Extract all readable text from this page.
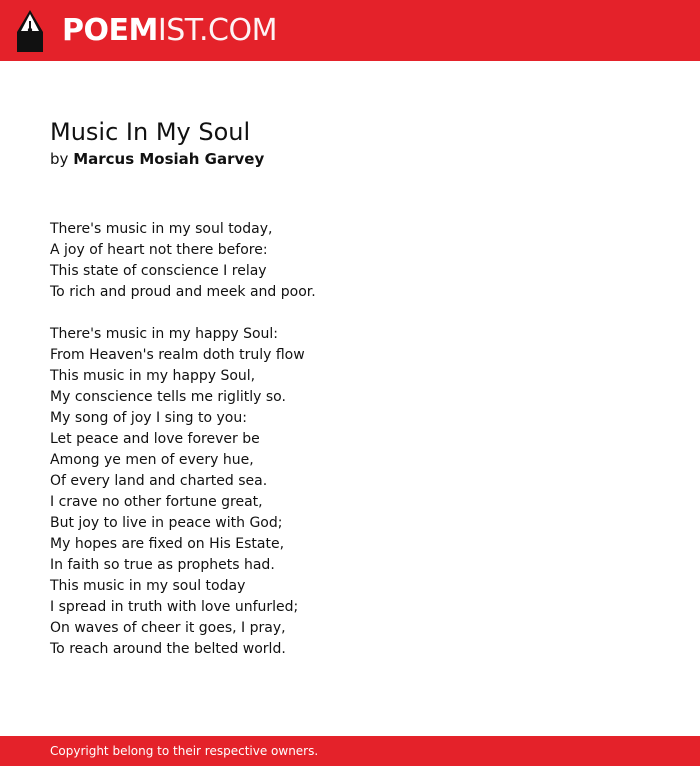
POEMIST.COM
Music In My Soul
by Marcus Mosiah Garvey
There's music in my soul today,
A joy of heart not there before:
This state of conscience I relay
To rich and proud and meek and poor.
There's music in my happy Soul:
From Heaven's realm doth truly flow
This music in my happy Soul,
My conscience tells me riglitly so.
My song of joy I sing to you:
Let peace and love forever be
Among ye men of every hue,
Of every land and charted sea.
I crave no other fortune great,
But joy to live in peace with God;
My hopes are fixed on His Estate,
In faith so true as prophets had.
This music in my soul today
I spread in truth with love unfurled;
On waves of cheer it goes, I pray,
To reach around the belted world.
Copyright belong to their respective owners.
